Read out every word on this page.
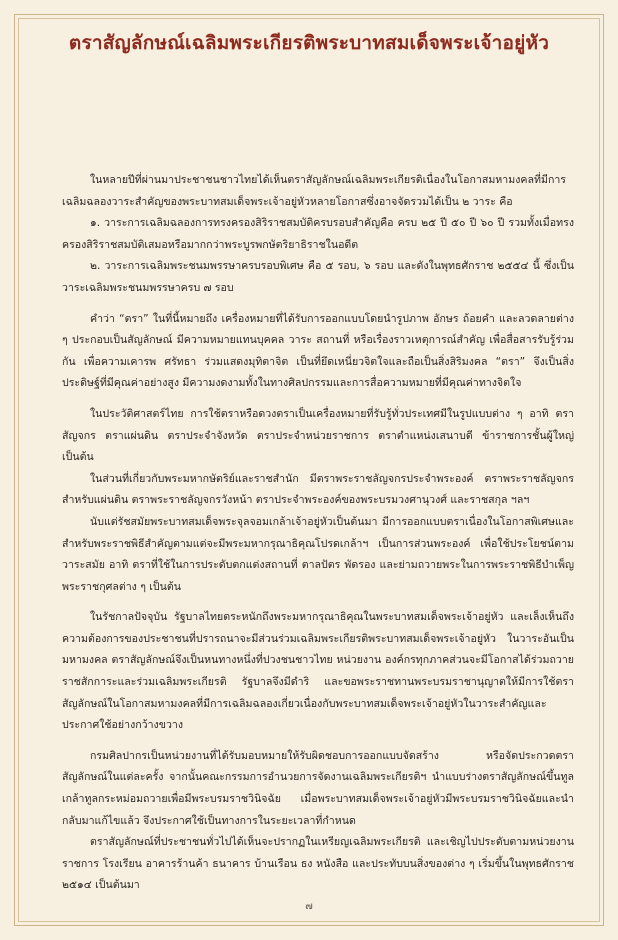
ตราสัญลักษณ์เฉลิมพระเกียรติพระบาทสมเด็จพระเจ้าอยู่หัว

ในหลายปีที่ผ่านมาประชาชนชาวไทยได้เห็นตราสัญลักษณ์เฉลิมพระเกียรติเนื่องในโอกาสมหามงคลที่มีการเฉลิมฉลองวาระสำคัญของพระบาทสมเด็จพระเจ้าอยู่หัวหลายโอกาสซึ่งอาจจัดรวมได้เป็น ๒ วาระ คือ

๑. วาระการเฉลิมฉลองการทรงครองสิริราชสมบัติครบรอบสำคัญคือ ครบ ๒๕ ปี ๕๐ ปี ๖๐ ปี รวมทั้งเมื่อทรงครองสิริราชสมบัติเสมอหรือมากกว่าพระบูรพกษัตริยาธิราชในอดีต

๒. วาระการเฉลิมพระชนมพรรษาครบรอบพิเศษ คือ ๕ รอบ, ๖ รอบ และดังในพุทธศักราช ๒๕๕๔ นี้ ซึ่งเป็นวาระเฉลิมพระชนมพรรษาครบ ๗ รอบ

คำว่า “ตรา” ในที่นี้หมายถึง เครื่องหมายที่ได้รับการออกแบบโดยนำรูปภาพ อักษร ถ้อยคำ และลวดลายต่าง ๆ ประกอบเป็นสัญลักษณ์ มีความหมายแทนบุคคล วาระ สถานที่ หรือเรื่องราวเหตุการณ์สำคัญ เพื่อสื่อสารรับรู้ร่วมกัน เพื่อความเคารพ ศรัทธา ร่วมแสดงมุทิตาจิต เป็นที่ยึดเหนี่ยวจิตใจและถือเป็นสิ่งสิริมงคล “ตรา” จึงเป็นสิ่งประดิษฐ์ที่มีคุณค่าอย่างสูง มีความงดงามทั้งในทางศิลปกรรมและการสื่อความหมายที่มีคุณค่าทางจิตใจ

ในประวัติศาสตร์ไทย การใช้ตราหรือดวงตราเป็นเครื่องหมายที่รับรู้ทั่วประเทศมีในรูปแบบต่าง ๆ อาทิ ตราสัญจกร ตราแผ่นดิน ตราประจำจังหวัด ตราประจำหน่วยราชการ ตราตำแหน่งเสนาบดี ข้าราชการชั้นผู้ใหญ่ เป็นต้น

ในส่วนที่เกี่ยวกับพระมหากษัตริย์และราชสำนัก มีตราพระราชลัญจกรประจำพระองค์ ตราพระราชลัญจกรสำหรับแผ่นดิน ตราพระราชลัญจกรวังหน้า ตราประจำพระองค์ของพระบรมวงศานุวงศ์ และราชสกุล ฯลฯ

นับแต่รัชสมัยพระบาทสมเด็จพระจุลจอมเกล้าเจ้าอยู่หัวเป็นต้นมา มีการออกแบบตราเนื่องในโอกาสพิเศษและสำหรับพระราชพิธีสำคัญตามแต่จะมีพระมหากรุณาธิคุณโปรดเกล้าฯ เป็นการส่วนพระองค์ เพื่อใช้ประโยชน์ตามวาระสมัย อาทิ ตราที่ใช้ในการประดับตกแต่งสถานที่ ตาลปัตร พัดรอง และย่ามถวายพระในการพระราชพิธีบำเพ็ญพระราชกุศลต่าง ๆ เป็นต้น

ในรัชกาลปัจจุบัน รัฐบาลไทยตระหนักถึงพระมหากรุณาธิคุณในพระบาทสมเด็จพระเจ้าอยู่หัว และเล็งเห็นถึงความต้องการของประชาชนที่ปรารถนาจะมีส่วนร่วมเฉลิมพระเกียรติพระบาทสมเด็จพระเจ้าอยู่หัว ในวาระอันเป็นมหามงคล ตราสัญลักษณ์จึงเป็นหนทางหนึ่งที่ปวงชนชาวไทย หน่วยงาน องค์กรทุกภาคส่วนจะมีโอกาสได้ร่วมถวายราชสักการะและร่วมเฉลิมพระเกียรติ รัฐบาลจึงมีดำริ และขอพระราชทานพระบรมราชานุญาตให้มีการใช้ตราสัญลักษณ์ในโอกาสมหามงคลที่มีการเฉลิมฉลองเกี่ยวเนื่องกับพระบาทสมเด็จพระเจ้าอยู่หัวในวาระสำคัญและประกาศใช้อย่างกว้างขวาง

กรมศิลปากรเป็นหน่วยงานที่ได้รับมอบหมายให้รับผิดชอบการออกแบบจัดสร้าง หรือจัดประกวดตราสัญลักษณ์ในแต่ละครั้ง จากนั้นคณะกรรมการอำนวยการจัดงานเฉลิมพระเกียรติฯ นำแบบร่างตราสัญลักษณ์ขึ้นทูลเกล้าทูลกระหม่อมถวายเพื่อมีพระบรมราชวินิจฉัย เมื่อพระบาทสมเด็จพระเจ้าอยู่หัวมีพระบรมราชวินิจฉัยและนำกลับมาแก้ไขแล้ว จึงประกาศใช้เป็นทางการในระยะเวลาที่กำหนด

ตราสัญลักษณ์ที่ประชาชนทั่วไปได้เห็นจะปรากฏในเหรียญเฉลิมพระเกียรติ และเชิญไปประดับตามหน่วยงานราชการ โรงเรียน อาคารร้านค้า ธนาคาร บ้านเรือน ธง หนังสือ และประทับบนสิ่งของต่าง ๆ เริ่มขึ้นในพุทธศักราช ๒๕๑๔ เป็นต้นมา

๗
